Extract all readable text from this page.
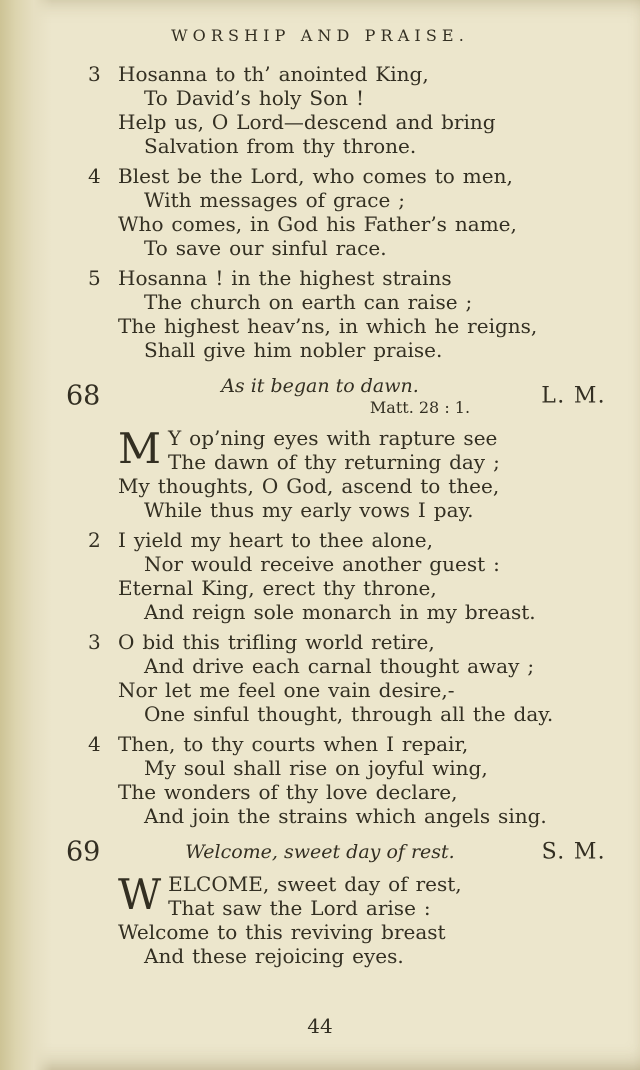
WORSHIP AND PRAISE.
3 Hosanna to th’ anointed King,
To David’s holy Son !
Help us, O Lord—descend and bring
Salvation from thy throne.
4 Blest be the Lord, who comes to men,
With messages of grace ;
Who comes, in God his Father’s name,
To save our sinful race.
5 Hosanna ! in the highest strains
The church on earth can raise ;
The highest heav’ns, in which he reigns,
Shall give him nobler praise.
68	As it began to dawn.
Matt. 28 : 1.	L. M.
M Y op’ning eyes with rapture see
The dawn of thy returning day ;
My thoughts, O God, ascend to thee,
While thus my early vows I pay.
2 I yield my heart to thee alone,
Nor would receive another guest :
Eternal King, erect thy throne,
And reign sole monarch in my breast.
3 O bid this trifling world retire,
And drive each carnal thought away ;
Nor let me feel one vain desire,-
One sinful thought, through all the day.
4 Then, to thy courts when I repair,
My soul shall rise on joyful wing,
The wonders of thy love declare,
And join the strains which angels sing.
69	Welcome, sweet day of rest.	S. M.
W ELCOME, sweet day of rest,
That saw the Lord arise :
Welcome to this reviving breast
And these rejoicing eyes.
44
